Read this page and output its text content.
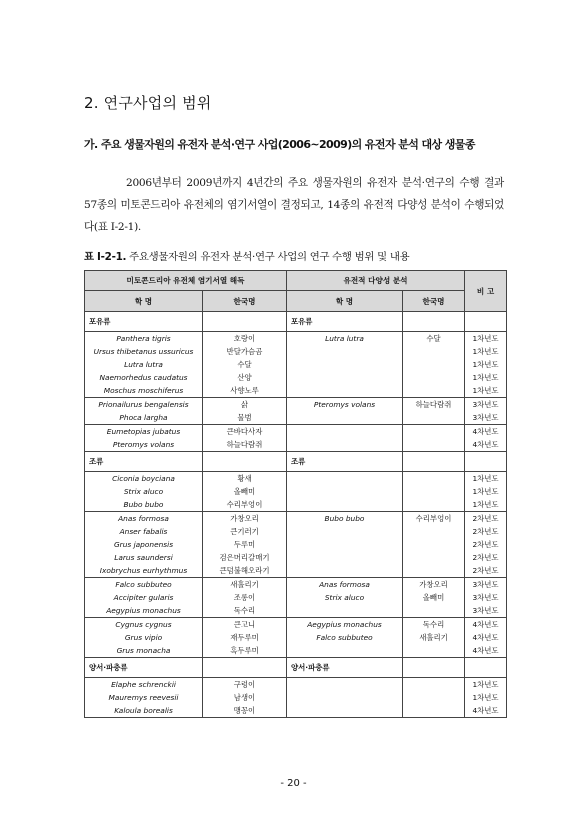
2. 연구사업의 범위
가. 주요 생물자원의 유전자 분석·연구 사업(2006~2009)의 유전자 분석 대상 생물종
2006년부터 2009년까지 4년간의 주요 생물자원의 유전자 분석·연구의 수행 결과 57종의 미토콘드리아 유전체의 염기서열이 결정되고, 14종의 유전적 다양성 분석이 수행되었다(표 Ⅰ-2-1).
표 Ⅰ-2-1. 주요생물자원의 유전자 분석·연구 사업의 연구 수행 범위 및 내용
미토콘드리아 유전체 염기서열 해독		유전적 다양성 분석		비 고
학 명	한국명	학 명	한국명	
포유류		포유류		
Panthera tigris	호랑이	Lutra lutra	수달	1차년도
Ursus thibetanus ussuricus	반달가슴곰			1차년도
Lutra lutra	수달			1차년도
Naemorhedus caudatus	산양			1차년도
Moschus moschiferus	사향노루			1차년도
Prionailurus bengalensis	삵	Pteromys volans	하늘다람쥐	3차년도
Phoca largha	물범			3차년도
Eumetopias jubatus	큰바다사자			4차년도
Pteromys volans	하늘다람쥐			4차년도
조류		조류		
Ciconia boyciana	황새			1차년도
Strix aluco	올빼미			1차년도
Bubo bubo	수리부엉이			1차년도
Anas formosa	가창오리	Bubo bubo	수리부엉이	2차년도
Anser fabalis	큰기러기			2차년도
Grus japonensis	두루미			2차년도
Larus saundersi	검은머리갈매기			2차년도
Ixobrychus eurhythmus	큰덤불해오라기			2차년도
Falco subbuteo	새홀리기	Anas formosa	가창오리	3차년도
Accipiter gularis	조롱이	Strix aluco	올빼미	3차년도
Aegypius monachus	독수리			3차년도
Cygnus cygnus	큰고니	Aegypius monachus	독수리	4차년도
Grus vipio	재두루미	Falco subbuteo	새홀리기	4차년도
Grus monacha	흑두루미			4차년도
양서·파충류		양서·파충류		
Elaphe schrenckii	구렁이			1차년도
Mauremys reevesii	남생이			1차년도
Kaloula borealis	맹꽁이			4차년도
- 20 -
